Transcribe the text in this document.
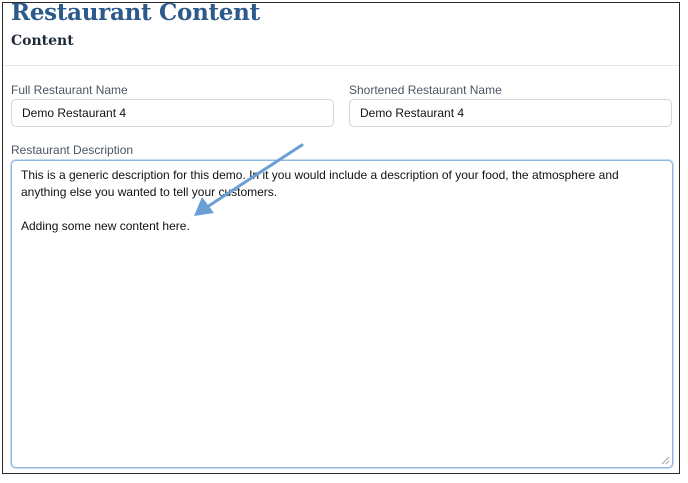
Restaurant Content
Content
Full Restaurant Name
Demo Restaurant 4	Shortened Restaurant Name
Demo Restaurant 4
Restaurant Description

This is a generic description for this demo. In it you would include a description of your food, the atmosphere and anything else you wanted to tell your customers.

Adding some new content here.
